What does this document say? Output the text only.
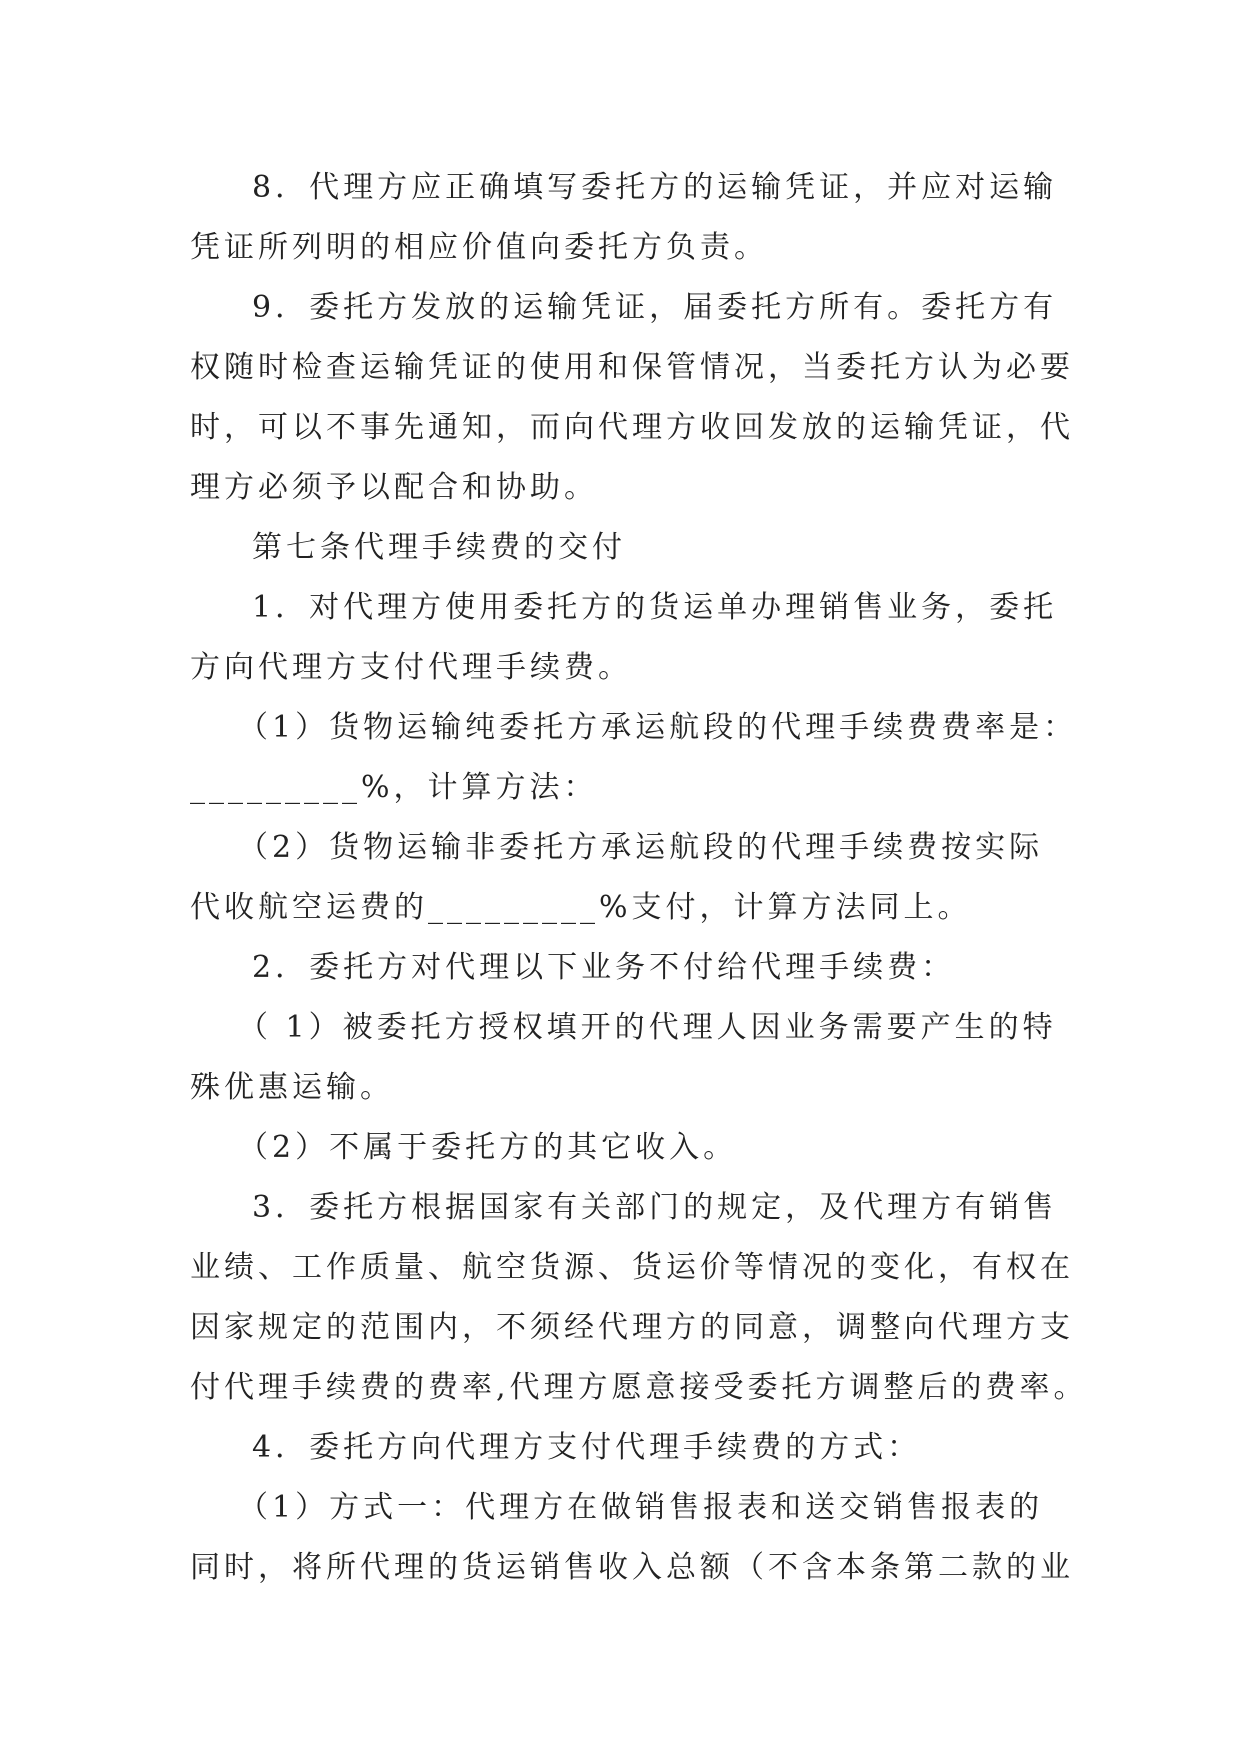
8．代理方应正确填写委托方的运输凭证，并应对运输
凭证所列明的相应价值向委托方负责。
9．委托方发放的运输凭证，届委托方所有。委托方有
权随时检查运输凭证的使用和保管情况，当委托方认为必要
时，可以不事先通知，而向代理方收回发放的运输凭证，代
理方必须予以配合和协助。
第七条代理手续费的交付
1．对代理方使用委托方的货运单办理销售业务，委托
方向代理方支付代理手续费。
（1）货物运输纯委托方承运航段的代理手续费费率是：
_________%，计算方法：
（2）货物运输非委托方承运航段的代理手续费按实际
代收航空运费的_________%支付，计算方法同上。
2．委托方对代理以下业务不付给代理手续费：
（ 1）被委托方授权填开的代理人因业务需要产生的特
殊优惠运输。
（2）不属于委托方的其它收入。
3．委托方根据国家有关部门的规定，及代理方有销售
业绩、工作质量、航空货源、货运价等情况的变化，有权在
因家规定的范围内，不须经代理方的同意，调整向代理方支
付代理手续费的费率,代理方愿意接受委托方调整后的费率。
4．委托方向代理方支付代理手续费的方式：
（1）方式一：代理方在做销售报表和送交销售报表的
同时，将所代理的货运销售收入总额（不含本条第二款的业
